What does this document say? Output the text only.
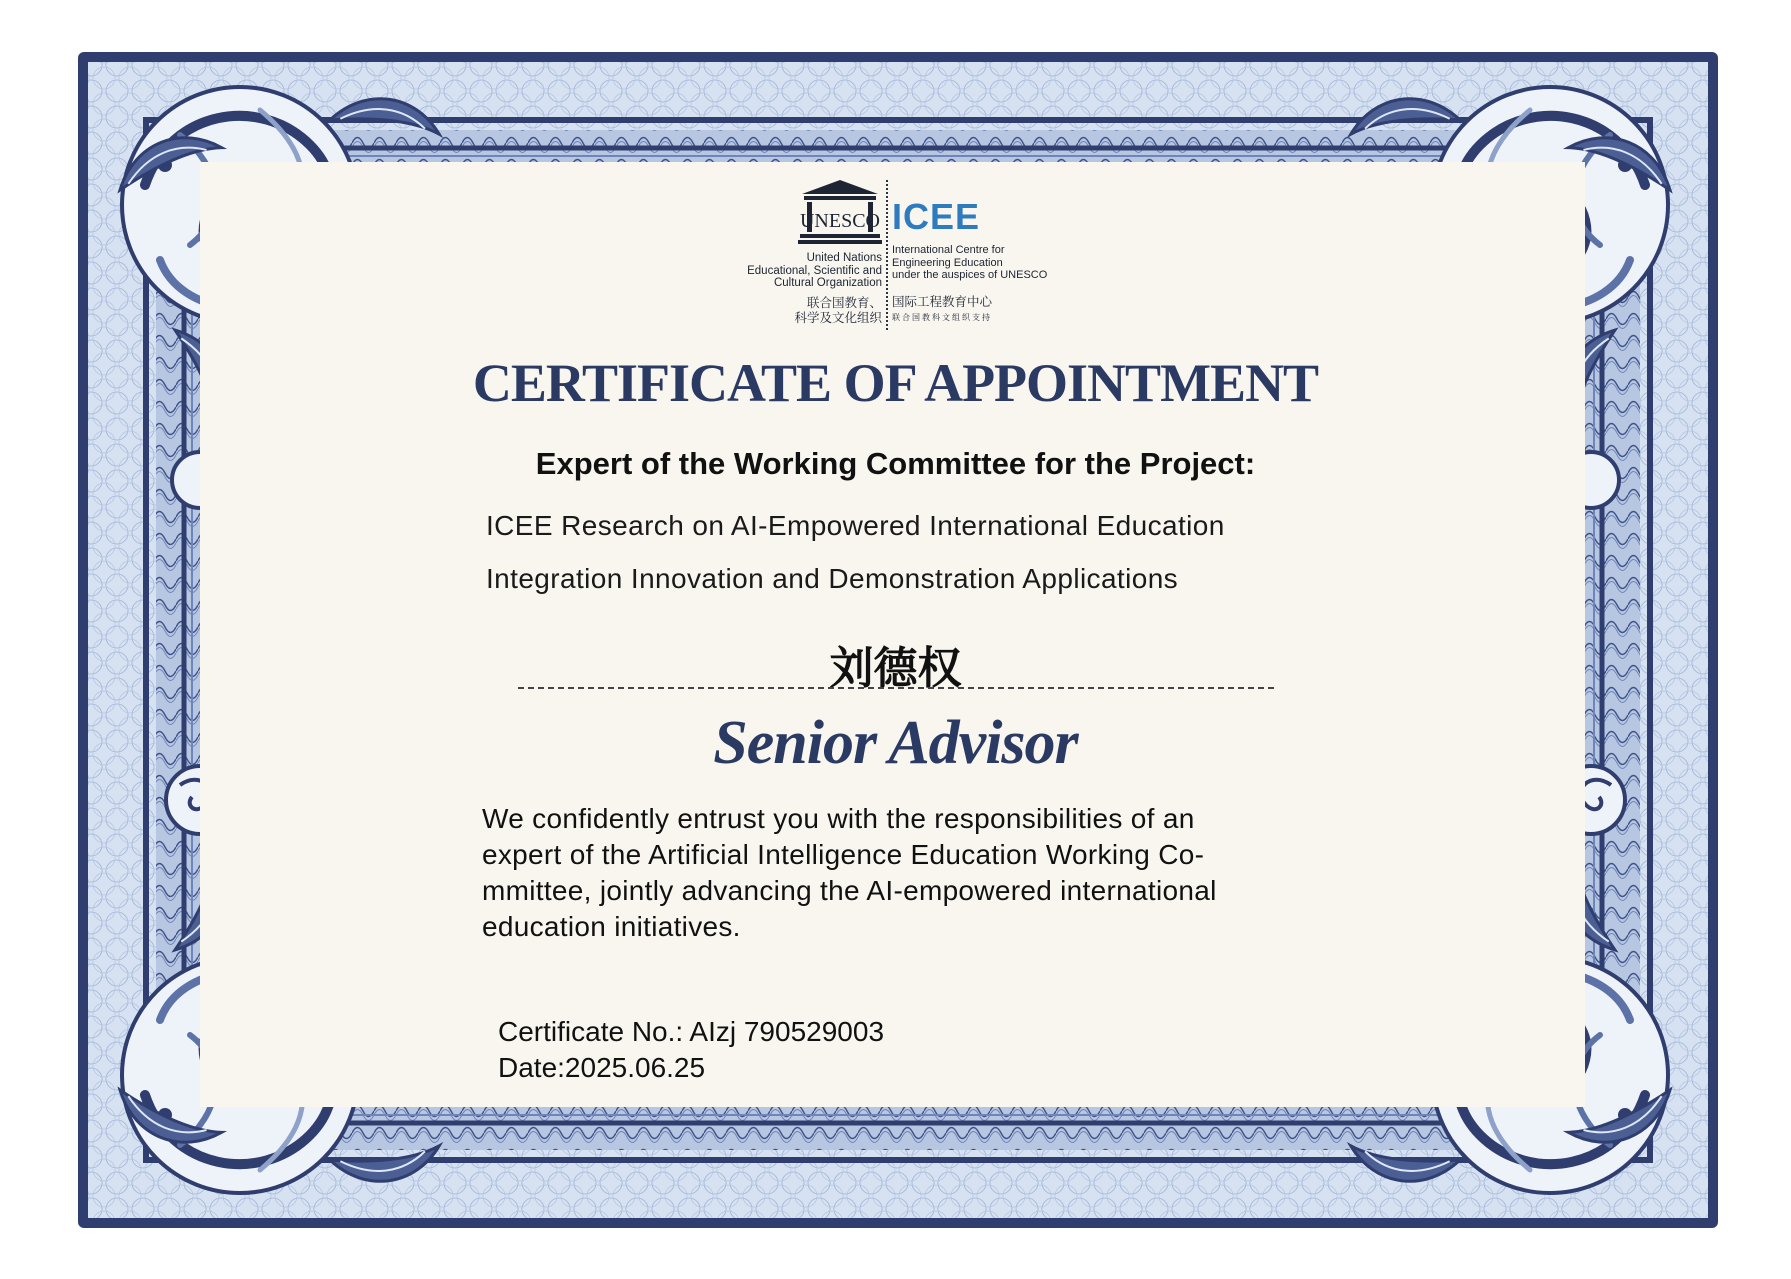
UNESCO
United Nations
Educational, Scientific and
Cultural Organization
联合国教育、
科学及文化组织
ICEE
International Centre for
Engineering Education
under the auspices of UNESCO
国际工程教育中心
联合国教科文组织支持
CERTIFICATE OF APPOINTMENT
Expert of the Working Committee for the Project:
ICEE Research on AI-Empowered International Education
Integration Innovation and Demonstration Applications
刘德权
Senior Advisor
We confidently entrust you with the responsibilities of an
expert of the Artificial Intelligence Education Working Co-
mmittee, jointly advancing the AI-empowered international
education initiatives.
Certificate No.: AIzj 790529003
Date:2025.06.25
